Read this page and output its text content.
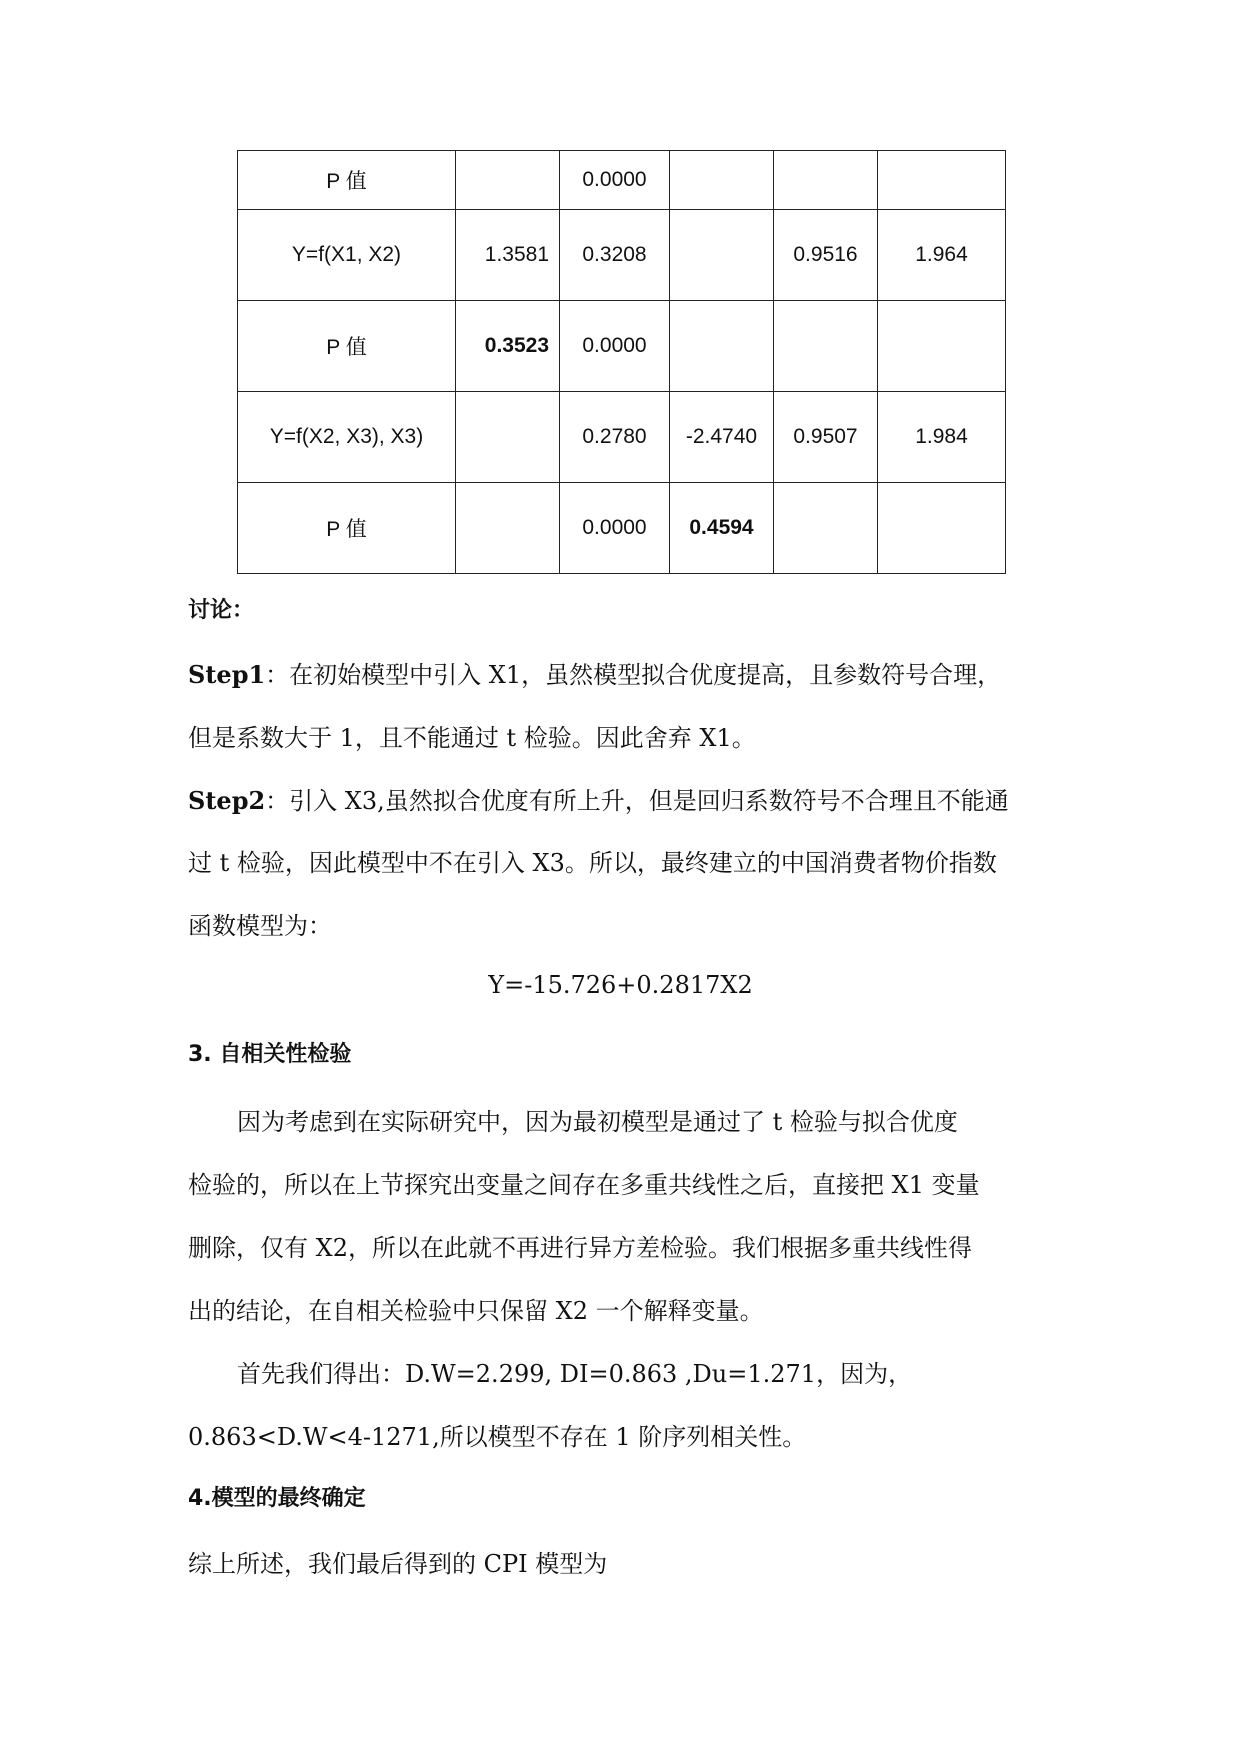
P 值		0.0000			
Y=f(X1, X2)	1.3581	0.3208		0.9516	1.964
P 值	0.3523	0.0000			
Y=f(X2, X3), X3)		0.2780	-2.4740	0.9507	1.984
P 值		0.0000	0.4594		
讨论：
Step1：在初始模型中引入 X1，虽然模型拟合优度提高，且参数符号合理，
但是系数大于 1，且不能通过 t 检验。因此舍弃 X1。
Step2：引入 X3,虽然拟合优度有所上升，但是回归系数符号不合理且不能通
过 t 检验，因此模型中不在引入 X3。所以，最终建立的中国消费者物价指数
函数模型为：
Y=-15.726+0.2817X2
3. 自相关性检验
因为考虑到在实际研究中，因为最初模型是通过了 t 检验与拟合优度
检验的，所以在上节探究出变量之间存在多重共线性之后，直接把 X1 变量
删除，仅有 X2，所以在此就不再进行异方差检验。我们根据多重共线性得
出的结论，在自相关检验中只保留 X2 一个解释变量。
首先我们得出：D.W=2.299, DI=0.863 ,Du=1.271，因为，
0.863<D.W<4-1271,所以模型不存在 1 阶序列相关性。
4.模型的最终确定
综上所述，我们最后得到的 CPI 模型为
